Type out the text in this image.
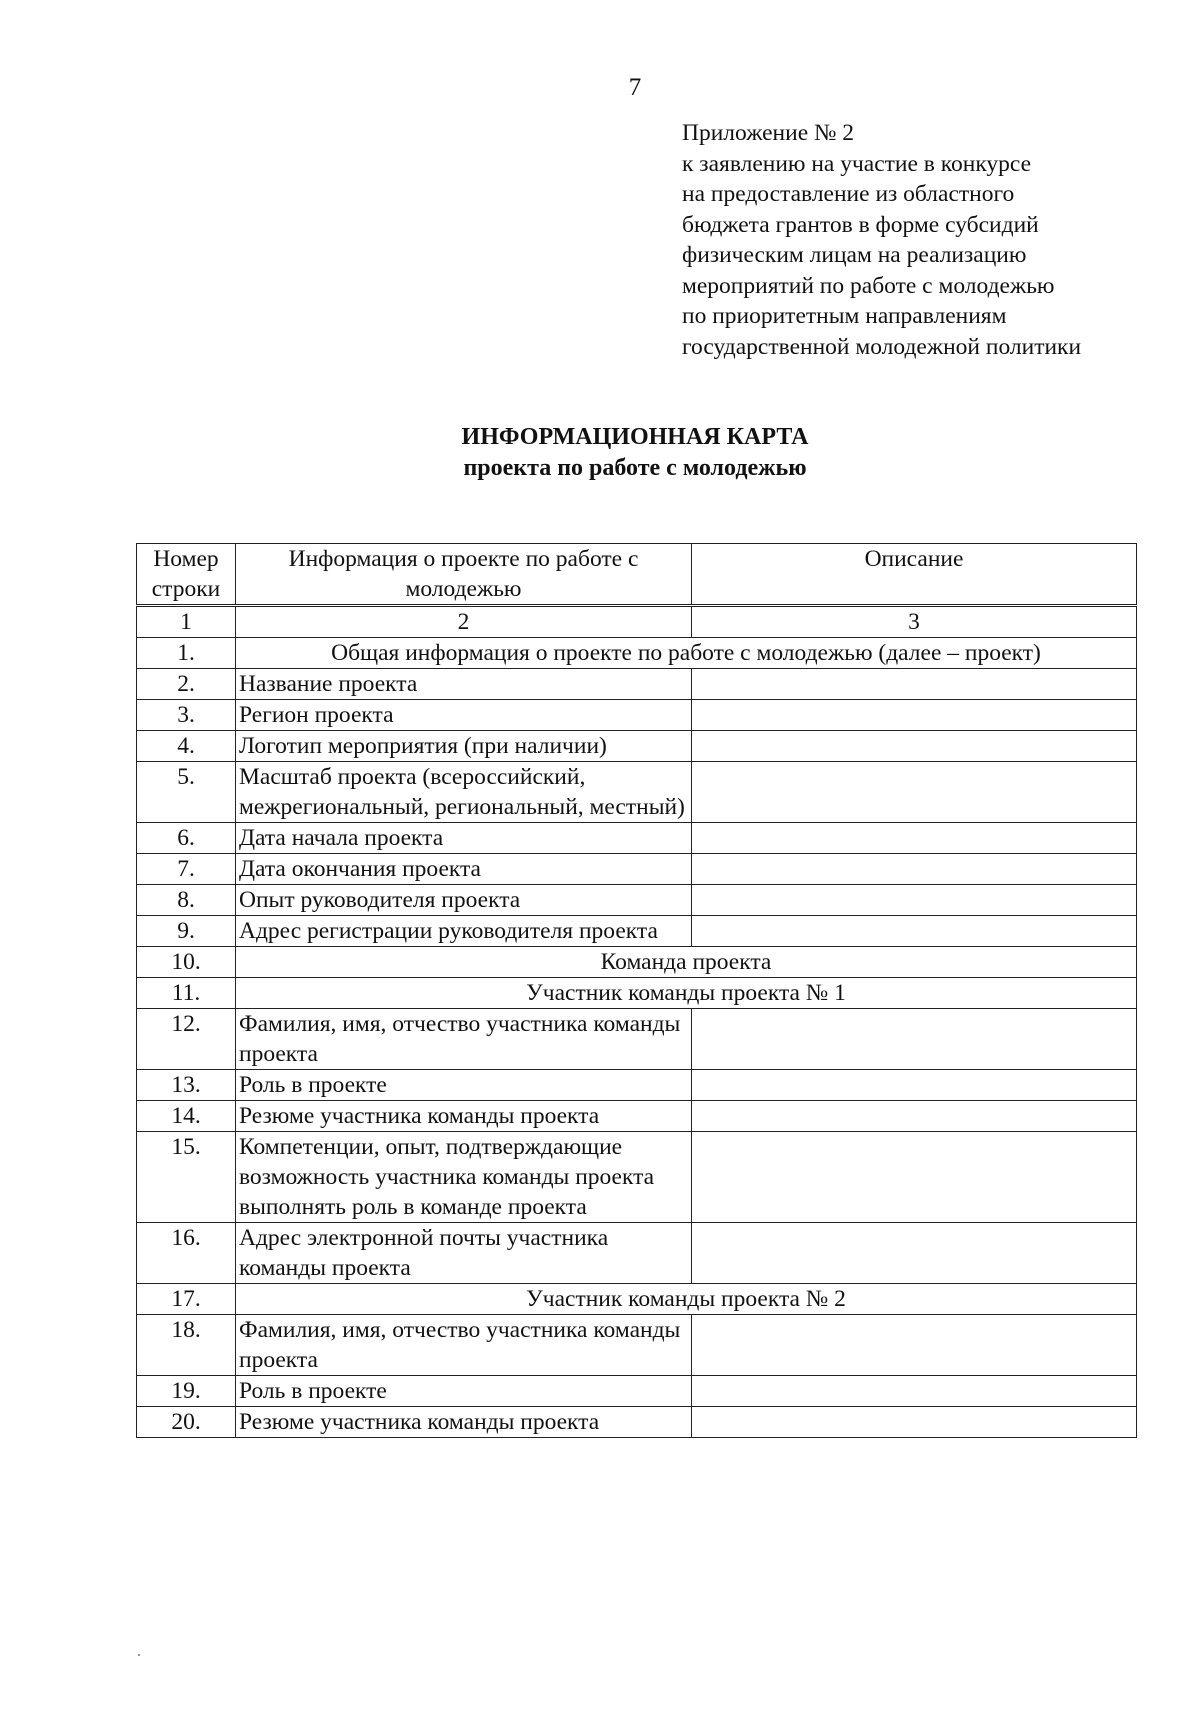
7
Приложение № 2
к заявлению на участие в конкурсе
на предоставление из областного
бюджета грантов в форме субсидий
физическим лицам на реализацию
мероприятий по работе с молодежью
по приоритетным направлениям
государственной молодежной политики
ИНФОРМАЦИОННАЯ КАРТА
проекта по работе с молодежью
Номер строки	Информация о проекте по работе с молодежью	Описание
1	2	3
1.	Общая информация о проекте по работе с молодежью (далее – проект)	
2.	Название проекта	
3.	Регион проекта	
4.	Логотип мероприятия (при наличии)	
5.	Масштаб проекта (всероссийский, межрегиональный, региональный, местный)	
6.	Дата начала проекта	
7.	Дата окончания проекта	
8.	Опыт руководителя проекта	
9.	Адрес регистрации руководителя проекта	
10.	Команда проекта	
11.	Участник команды проекта № 1	
12.	Фамилия, имя, отчество участника команды проекта	
13.	Роль в проекте	
14.	Резюме участника команды проекта	
15.	Компетенции, опыт, подтверждающие возможность участника команды проекта выполнять роль в команде проекта	
16.	Адрес электронной почты участника команды проекта	
17.	Участник команды проекта № 2	
18.	Фамилия, имя, отчество участника команды проекта	
19.	Роль в проекте	
20.	Резюме участника команды проекта	
